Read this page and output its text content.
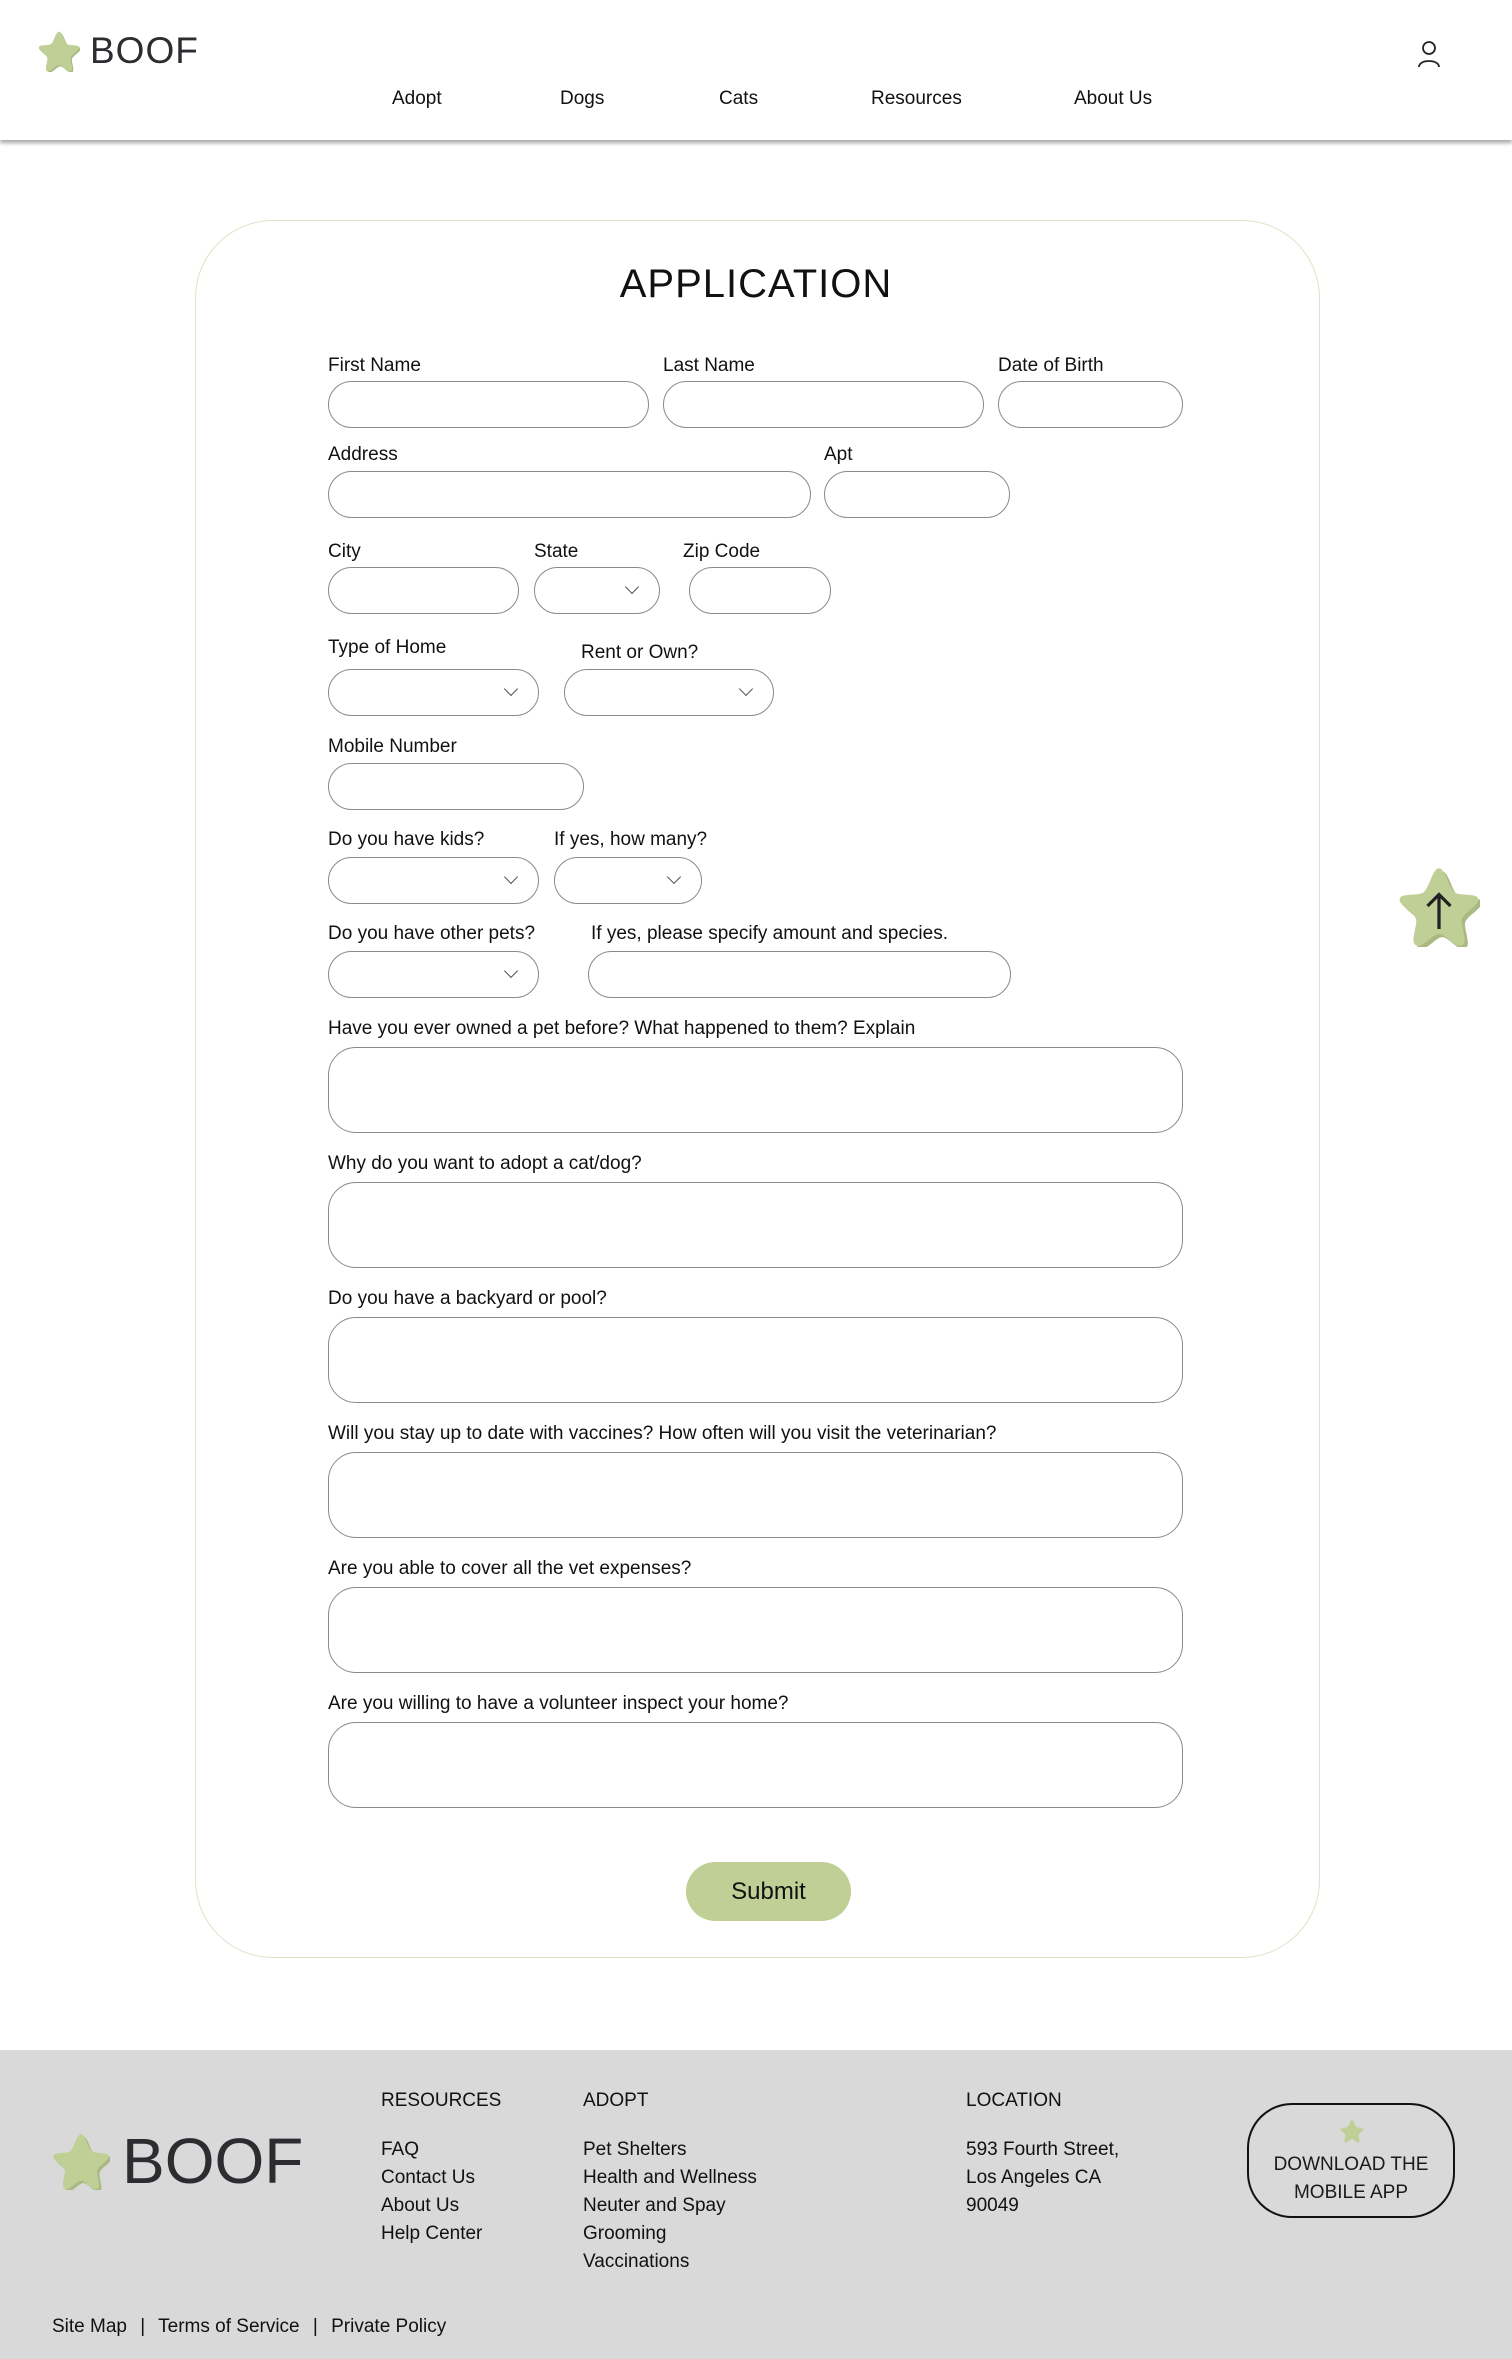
BOOF
Adopt	Dogs	Cats	Resources	About Us
APPLICATION
First Name	Last Name	Date of Birth
Address	Apt
City	State	Zip Code
Type of Home	Rent or Own?
Mobile Number
Do you have kids?	If yes, how many?
Do you have other pets?	If yes, please specify amount and species.
Have you ever owned a pet before? What happened to them? Explain
Why do you want to adopt a cat/dog?
Do you have a backyard or pool?
Will you stay up to date with vaccines? How often will you visit the veterinarian?
Are you able to cover all the vet expenses?
Are you willing to have a volunteer inspect your home?
Submit
BOOF
RESOURCES
FAQ
Contact Us
About Us
Help Center
ADOPT
Pet Shelters
Health and Wellness
Neuter and Spay
Grooming
Vaccinations
LOCATION
593 Fourth Street,
Los Angeles CA
90049
DOWNLOAD THE
MOBILE APP
Site Map | Terms of Service | Private Policy
